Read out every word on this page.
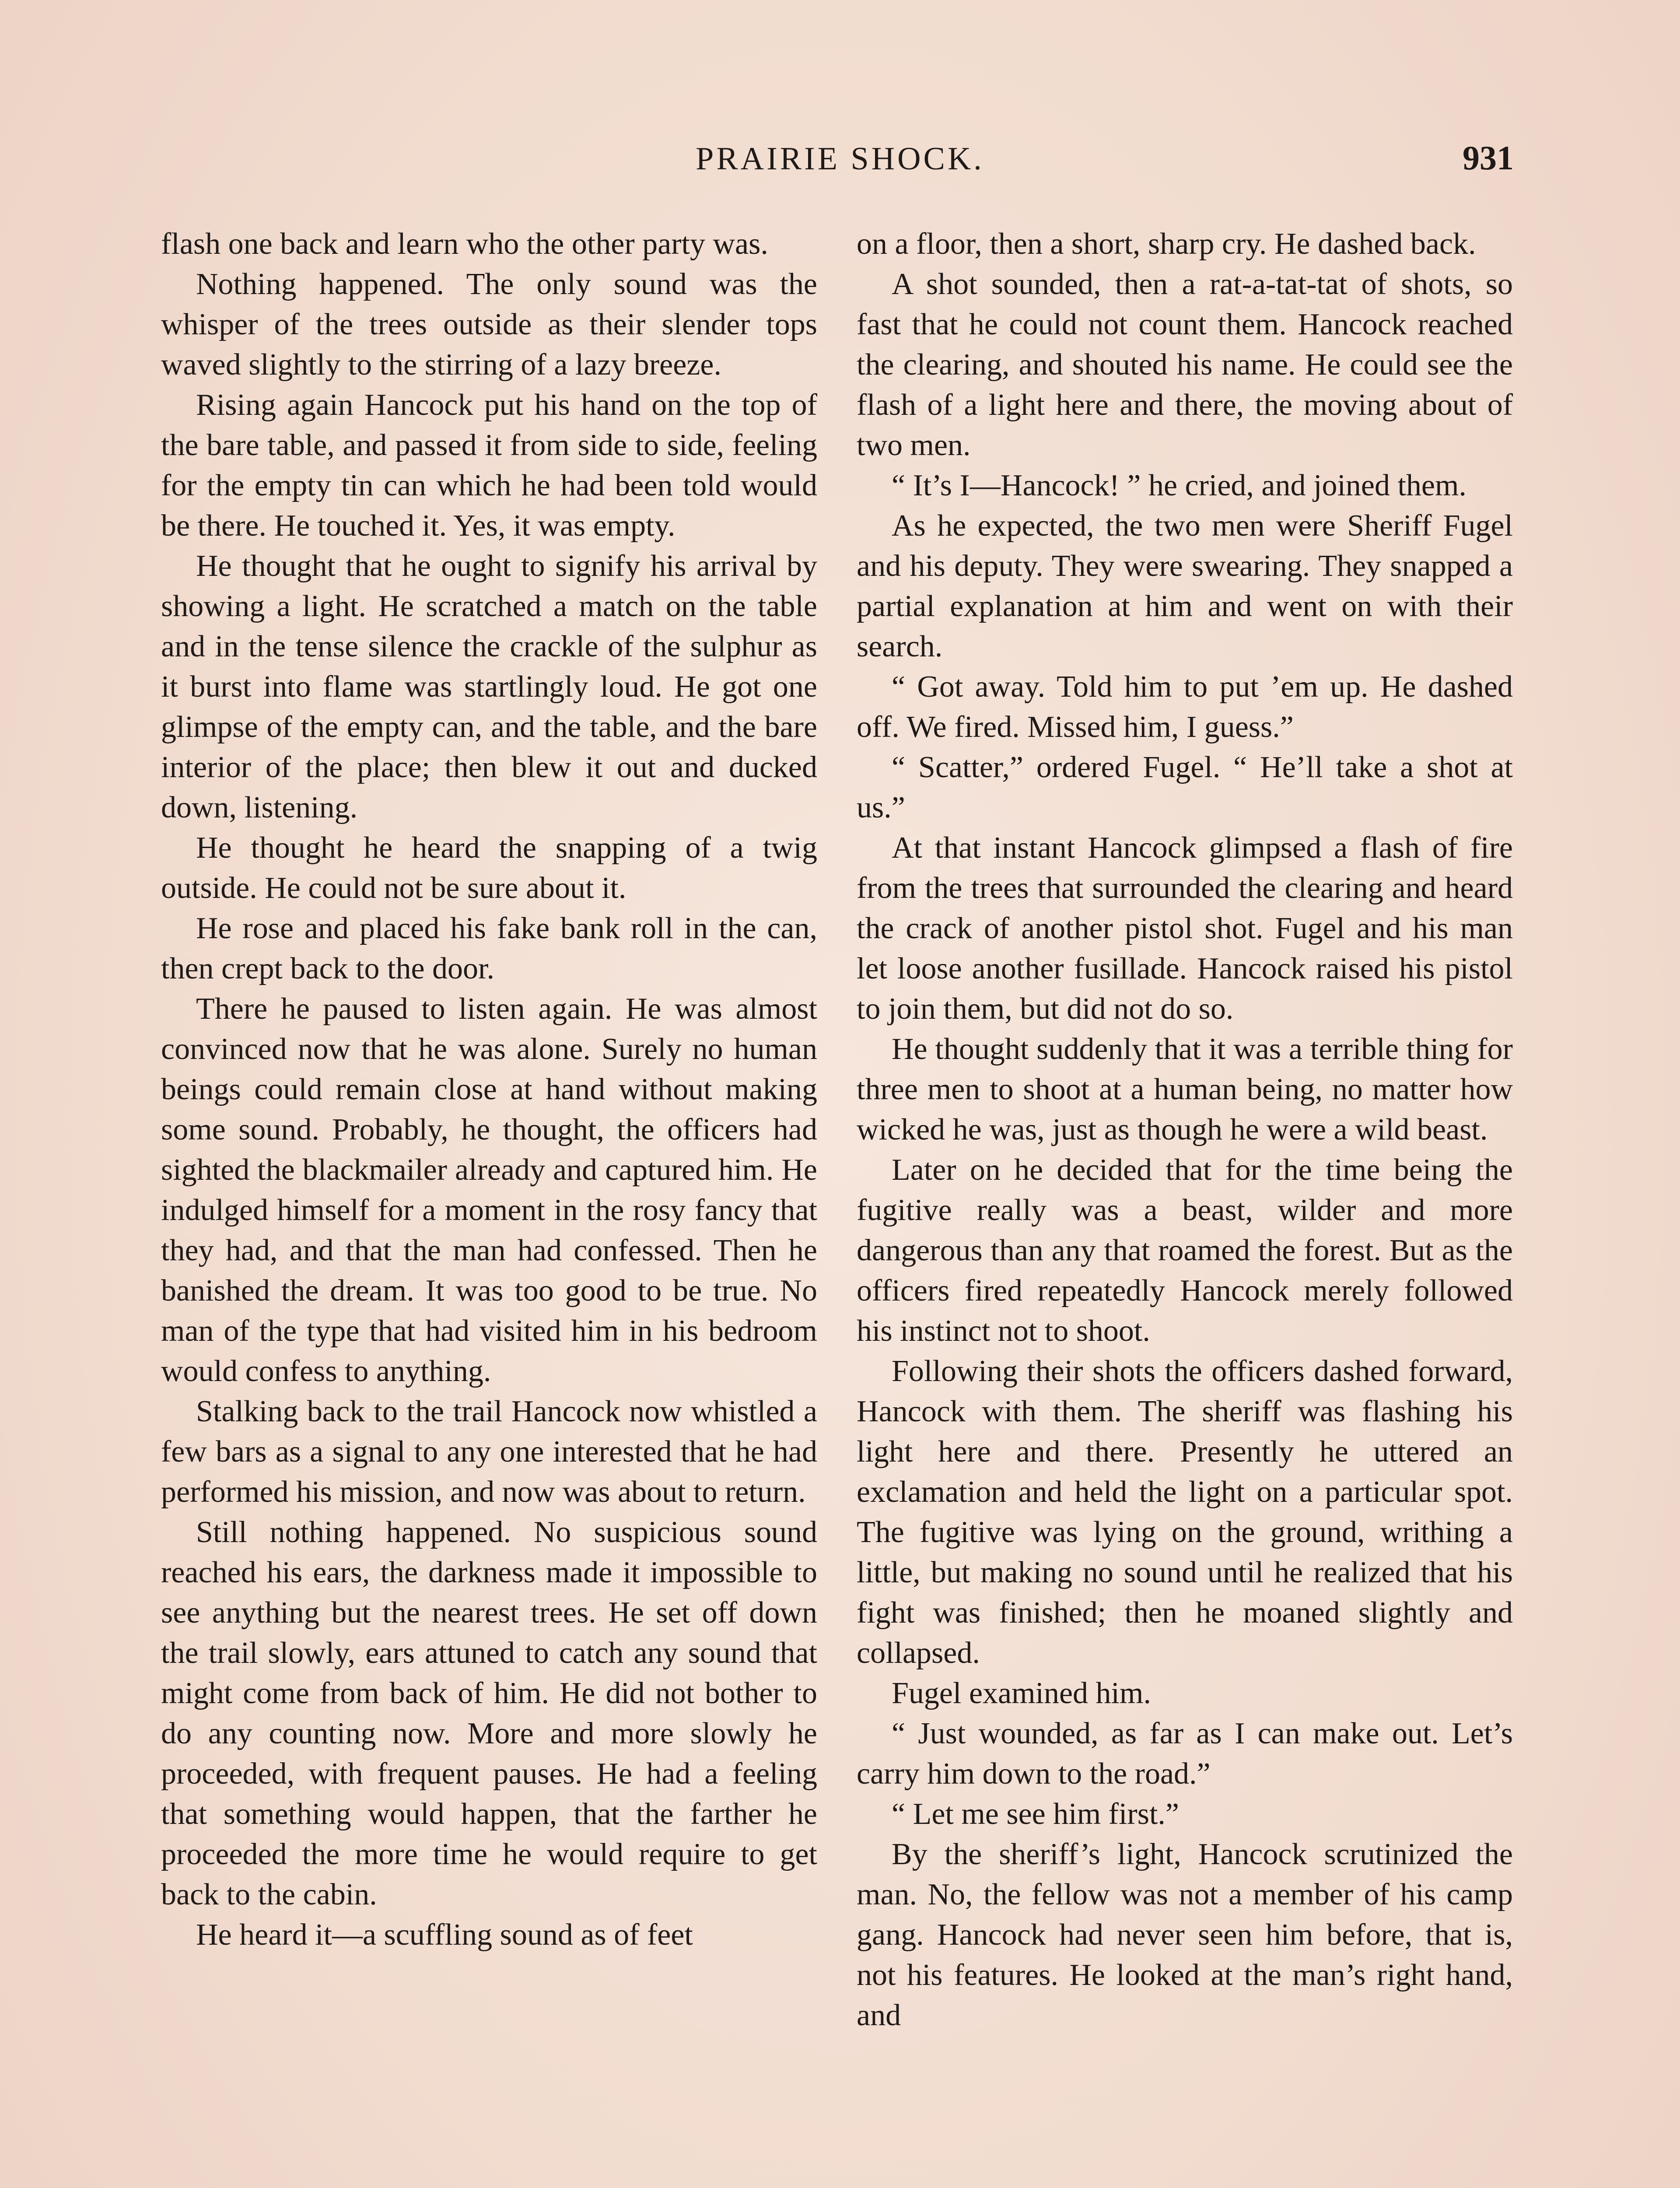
PRAIRIE SHOCK.	931

flash one back and learn who the other party was.

Nothing happened. The only sound was the whisper of the trees outside as their slender tops waved slightly to the stirring of a lazy breeze.

Rising again Hancock put his hand on the top of the bare table, and passed it from side to side, feeling for the empty tin can which he had been told would be there. He touched it. Yes, it was empty.

He thought that he ought to signify his arrival by showing a light. He scratched a match on the table and in the tense silence the crackle of the sulphur as it burst into flame was startlingly loud. He got one glimpse of the empty can, and the table, and the bare interior of the place; then blew it out and ducked down, listening.

He thought he heard the snapping of a twig outside. He could not be sure about it.

He rose and placed his fake bank roll in the can, then crept back to the door.

There he paused to listen again. He was almost convinced now that he was alone. Surely no human beings could remain close at hand without making some sound. Probably, he thought, the officers had sighted the blackmailer already and captured him. He indulged himself for a moment in the rosy fancy that they had, and that the man had confessed. Then he banished the dream. It was too good to be true. No man of the type that had visited him in his bedroom would confess to anything.

Stalking back to the trail Hancock now whistled a few bars as a signal to any one interested that he had performed his mission, and now was about to return.

Still nothing happened. No suspicious sound reached his ears, the darkness made it impossible to see anything but the nearest trees. He set off down the trail slowly, ears attuned to catch any sound that might come from back of him. He did not bother to do any counting now. More and more slowly he proceeded, with frequent pauses. He had a feeling that something would happen, that the farther he proceeded the more time he would require to get back to the cabin.

He heard it—a scuffling sound as of feet

on a floor, then a short, sharp cry. He dashed back.

A shot sounded, then a rat-a-tat-tat of shots, so fast that he could not count them. Hancock reached the clearing, and shouted his name. He could see the flash of a light here and there, the moving about of two men.

“ It’s I—Hancock! ” he cried, and joined them.

As he expected, the two men were Sheriff Fugel and his deputy. They were swearing. They snapped a partial explanation at him and went on with their search.

“ Got away. Told him to put ’em up. He dashed off. We fired. Missed him, I guess.”

“ Scatter,” ordered Fugel. “ He’ll take a shot at us.”

At that instant Hancock glimpsed a flash of fire from the trees that surrounded the clearing and heard the crack of another pistol shot. Fugel and his man let loose another fusillade. Hancock raised his pistol to join them, but did not do so.

He thought suddenly that it was a terrible thing for three men to shoot at a human being, no matter how wicked he was, just as though he were a wild beast.

Later on he decided that for the time being the fugitive really was a beast, wilder and more dangerous than any that roamed the forest. But as the officers fired repeatedly Hancock merely followed his instinct not to shoot.

Following their shots the officers dashed forward, Hancock with them. The sheriff was flashing his light here and there. Presently he uttered an exclamation and held the light on a particular spot. The fugitive was lying on the ground, writhing a little, but making no sound until he realized that his fight was finished; then he moaned slightly and collapsed.

Fugel examined him.

“ Just wounded, as far as I can make out. Let’s carry him down to the road.”

“ Let me see him first.”

By the sheriff’s light, Hancock scrutinized the man. No, the fellow was not a member of his camp gang. Hancock had never seen him before, that is, not his features. He looked at the man’s right hand, and
